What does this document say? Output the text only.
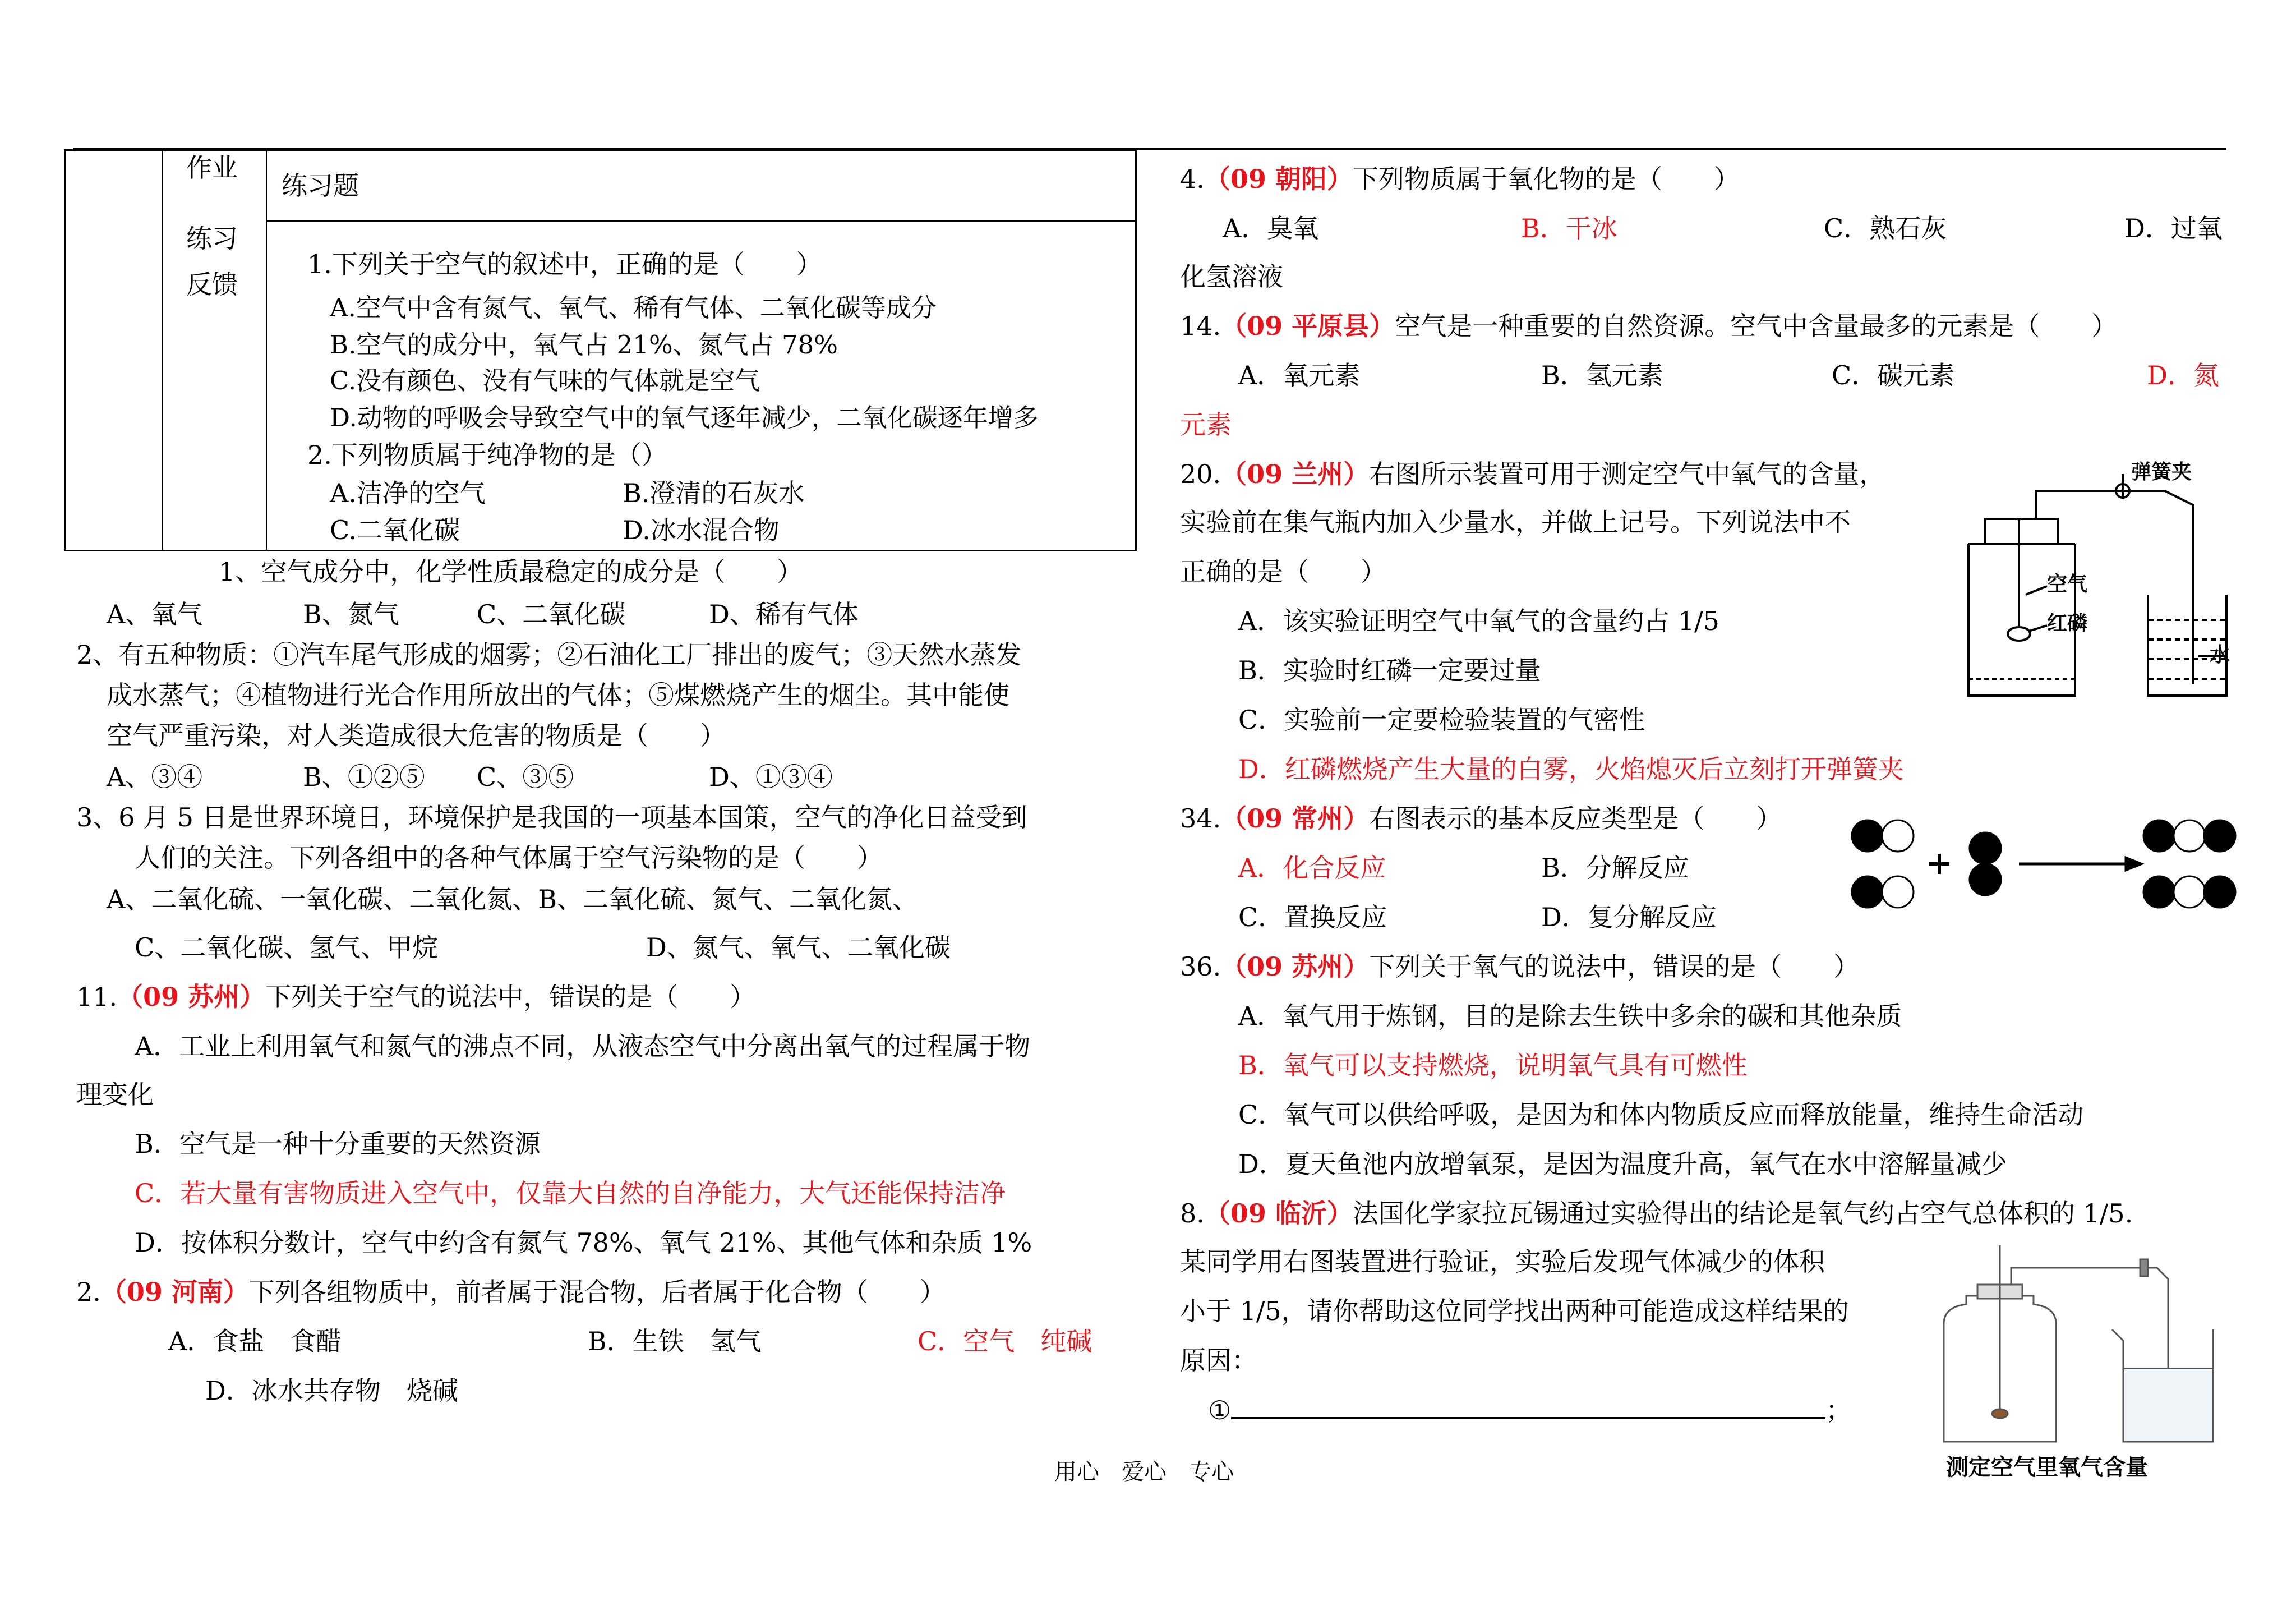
作业
练习
反馈
练习题
1.下列关于空气的叙述中，正确的是（　　）
A.空气中含有氮气、氧气、稀有气体、二氧化碳等成分
B.空气的成分中，氧气占 21%、氮气占 78%
C.没有颜色、没有气味的气体就是空气
D.动物的呼吸会导致空气中的氧气逐年减少，二氧化碳逐年增多
2.下列物质属于纯净物的是（）
A.洁净的空气	B.澄清的石灰水
C.二氧化碳	D.冰水混合物
1、空气成分中，化学性质最稳定的成分是（　　）
A、氧气	B、氮气	C、二氧化碳	D、稀有气体
2、有五种物质：①汽车尾气形成的烟雾；②石油化工厂排出的废气；③天然水蒸发
成水蒸气；④植物进行光合作用所放出的气体；⑤煤燃烧产生的烟尘。其中能使
空气严重污染，对人类造成很大危害的物质是（　　）
A、③④	B、①②⑤ C、③⑤	D、①③④
3、6 月 5 日是世界环境日，环境保护是我国的一项基本国策，空气的净化日益受到
人们的关注。下列各组中的各种气体属于空气污染物的是（　　）
A、二氧化硫、一氧化碳、二氧化氮、B、二氧化硫、氮气、二氧化氮、
C、二氧化碳、氢气、甲烷	D、氮气、氧气、二氧化碳
11.（09 苏州）下列关于空气的说法中，错误的是（　　）
A．工业上利用氧气和氮气的沸点不同，从液态空气中分离出氧气的过程属于物
理变化
B．空气是一种十分重要的天然资源
C．若大量有害物质进入空气中，仅靠大自然的自净能力，大气还能保持洁净
D．按体积分数计，空气中约含有氮气 78%、氧气 21%、其他气体和杂质 1%
2.（09 河南）下列各组物质中，前者属于混合物，后者属于化合物（　　）
A．食盐　食醋	B．生铁　氢气	C．空气　纯碱
D．冰水共存物　烧碱
4.（09 朝阳）下列物质属于氧化物的是（　　）
A．臭氧	B．干冰	C．熟石灰	D．过氧
化氢溶液
14.（09 平原县）空气是一种重要的自然资源。空气中含量最多的元素是（　　）
A．氧元素	B．氢元素	C．碳元素	D．氮
元素
20.（09 兰州）右图所示装置可用于测定空气中氧气的含量，
实验前在集气瓶内加入少量水，并做上记号。下列说法中不
正确的是（　　）
A．该实验证明空气中氧气的含量约占 1/5
B．实验时红磷一定要过量
C．实验前一定要检验装置的气密性
D．红磷燃烧产生大量的白雾，火焰熄灭后立刻打开弹簧夹
弹簧夹
空气
红磷
水
34.（09 常州）右图表示的基本反应类型是（　　）
A．化合反应	B．分解反应
C．置换反应	D．复分解反应
36.（09 苏州）下列关于氧气的说法中，错误的是（　　）
A．氧气用于炼钢，目的是除去生铁中多余的碳和其他杂质
B．氧气可以支持燃烧，说明氧气具有可燃性
C．氧气可以供给呼吸，是因为和体内物质反应而释放能量，维持生命活动
D．夏天鱼池内放增氧泵，是因为温度升高，氧气在水中溶解量减少
8.（09 临沂）法国化学家拉瓦锡通过实验得出的结论是氧气约占空气总体积的 1/5.
某同学用右图装置进行验证，实验后发现气体减少的体积
小于 1/5，请你帮助这位同学找出两种可能造成这样结果的
原因：
①	；
测定空气里氧气含量
用心　爱心　专心
